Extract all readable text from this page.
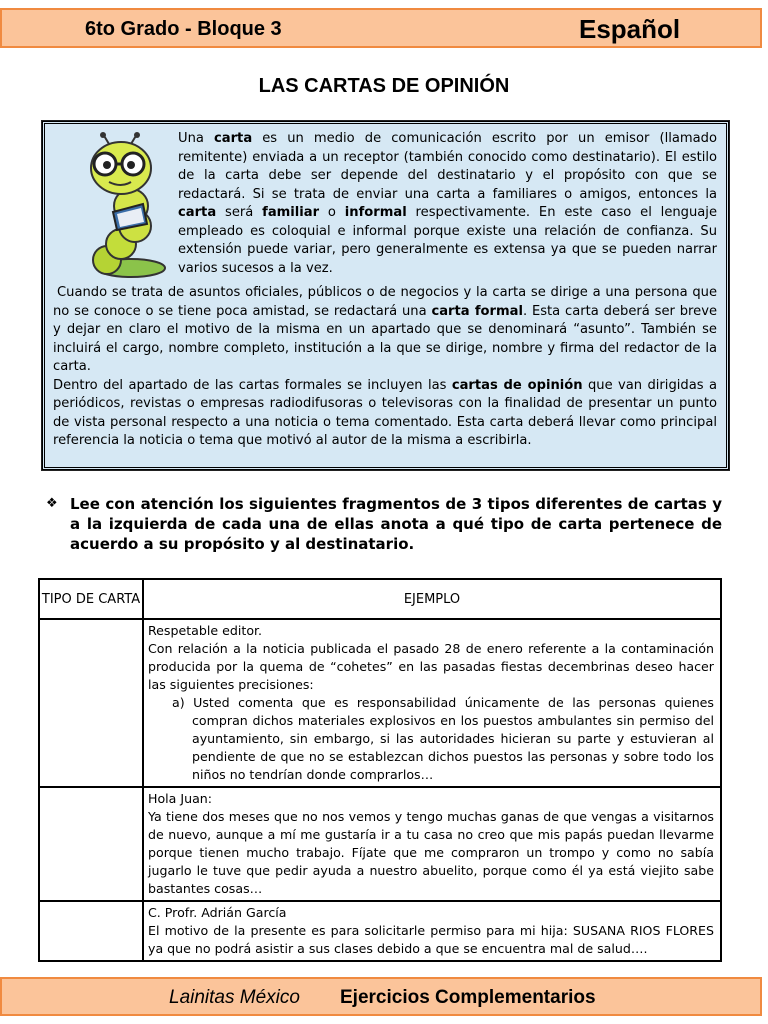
6to Grado - Bloque 3	Español
LAS CARTAS DE OPINIÓN
Una carta es un medio de comunicación escrito por un emisor (llamado remitente) enviada a un receptor (también conocido como destinatario). El estilo de la carta debe ser depende del destinatario y el propósito con que se redactará. Si se trata de enviar una carta a familiares o amigos, entonces la carta será familiar o informal respectivamente. En este caso el lenguaje empleado es coloquial e informal porque existe una relación de confianza. Su extensión puede variar, pero generalmente es extensa ya que se pueden narrar varios sucesos a la vez.

Cuando se trata de asuntos oficiales, públicos o de negocios y la carta se dirige a una persona que no se conoce o se tiene poca amistad, se redactará una carta formal. Esta carta deberá ser breve y dejar en claro el motivo de la misma en un apartado que se denominará “asunto”. También se incluirá el cargo, nombre completo, institución a la que se dirige, nombre y firma del redactor de la carta.

Dentro del apartado de las cartas formales se incluyen las cartas de opinión que van dirigidas a periódicos, revistas o empresas radiodifusoras o televisoras con la finalidad de presentar un punto de vista personal respecto a una noticia o tema comentado. Esta carta deberá llevar como principal referencia la noticia o tema que motivó al autor de la misma a escribirla.

❖ Lee con atención los siguientes fragmentos de 3 tipos diferentes de cartas y a la izquierda de cada una de ellas anota a qué tipo de carta pertenece de acuerdo a su propósito y al destinatario.
TIPO DE CARTA	EJEMPLO

	Respetable editor.

Con relación a la noticia publicada el pasado 28 de enero referente a la contaminación producida por la quema de “cohetes” en las pasadas fiestas decembrinas deseo hacer las siguientes precisiones:

a) Usted comenta que es responsabilidad únicamente de las personas quienes compran dichos materiales explosivos en los puestos ambulantes sin permiso del ayuntamiento, sin embargo, si las autoridades hicieran su parte y estuvieran al pendiente de que no se establezcan dichos puestos las personas y sobre todo los niños no tendrían donde comprarlos…

	Hola Juan:

Ya tiene dos meses que no nos vemos y tengo muchas ganas de que vengas a visitarnos de nuevo, aunque a mí me gustaría ir a tu casa no creo que mis papás puedan llevarme porque tienen mucho trabajo. Fíjate que me compraron un trompo y como no sabía jugarlo le tuve que pedir ayuda a nuestro abuelito, porque como él ya está viejito sabe bastantes cosas…

	C. Profr. Adrián García

El motivo de la presente es para solicitarle permiso para mi hija: SUSANA RIOS FLORES ya que no podrá asistir a sus clases debido a que se encuentra mal de salud….

Lainitas México Ejercicios Complementarios
